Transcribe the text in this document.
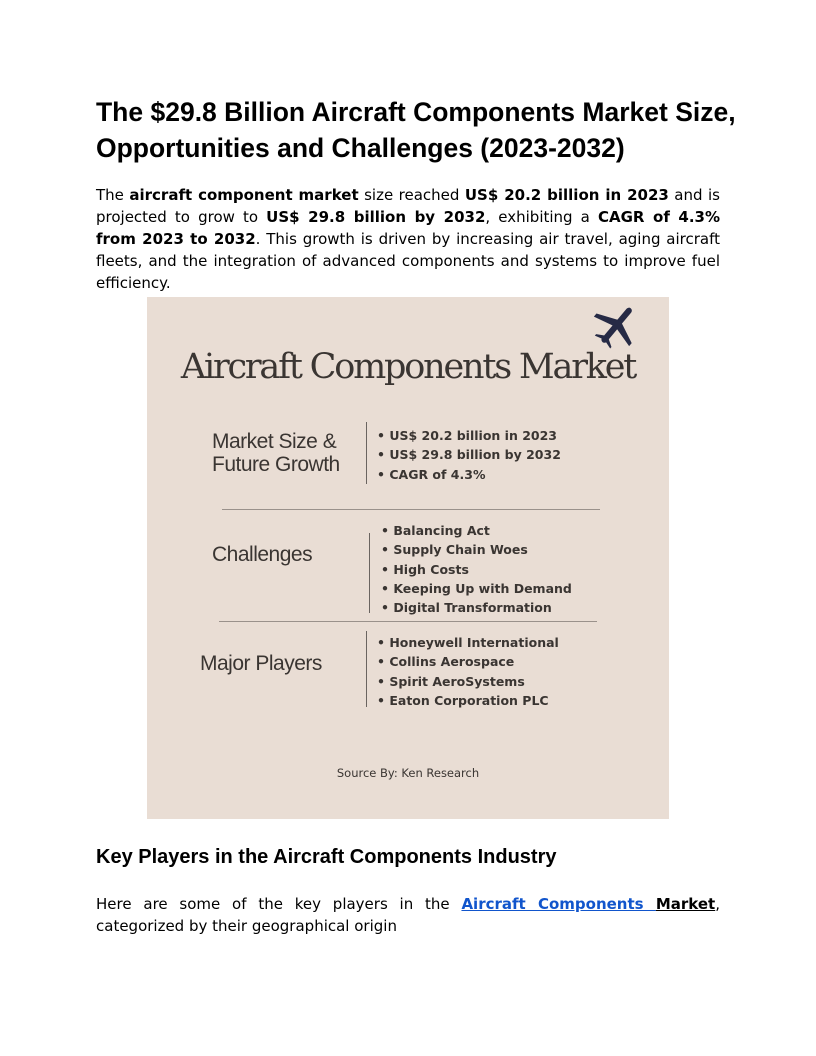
The $29.8 Billion Aircraft Components Market Size, Opportunities and Challenges (2023-2032)

The aircraft component market size reached US$ 20.2 billion in 2023 and is projected to grow to US$ 29.8 billion by 2032, exhibiting a CAGR of 4.3% from 2023 to 2032. This growth is driven by increasing air travel, aging aircraft fleets, and the integration of advanced components and systems to improve fuel efficiency.

Aircraft Components Market
Market Size & Future Growth
• US$ 20.2 billion in 2023
• US$ 29.8 billion by 2032
• CAGR of 4.3%
Challenges
• Balancing Act
• Supply Chain Woes
• High Costs
• Keeping Up with Demand
• Digital Transformation
Major Players
• Honeywell International
• Collins Aerospace
• Spirit AeroSystems
• Eaton Corporation PLC
Source By: Ken Research
Key Players in the Aircraft Components Industry

Here are some of the key players in the Aircraft Components Market, categorized by their geographical origin
